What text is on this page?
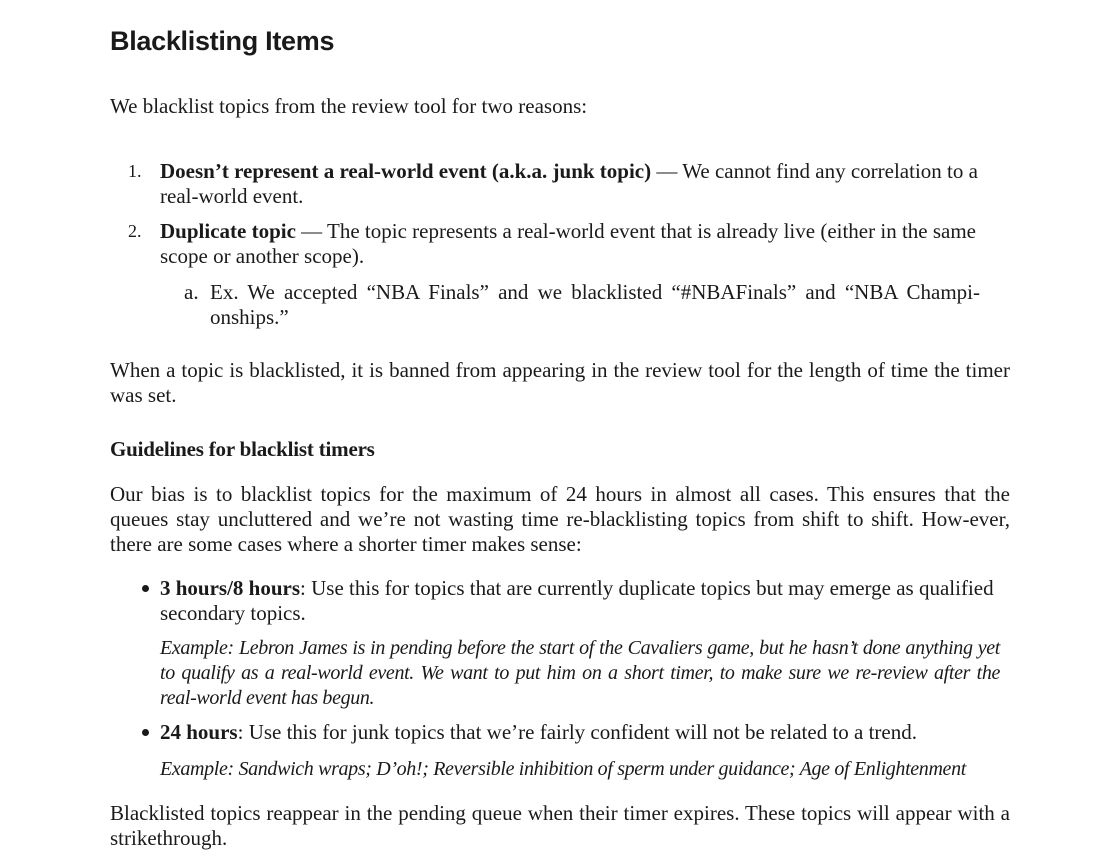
Blacklisting Items

We blacklist topics from the review tool for two reasons:

1. Doesn’t represent a real-world event (a.k.a. junk topic) — We cannot find any correlation to a real-world event.

2. Duplicate topic — The topic represents a real-world event that is already live (either in the same scope or another scope).

a. Ex. We accepted “NBA Finals” and we blacklisted “#NBAFinals” and “NBA Champi-onships.”

When a topic is blacklisted, it is banned from appearing in the review tool for the length of time the timer was set.

Guidelines for blacklist timers

Our bias is to blacklist topics for the maximum of 24 hours in almost all cases. This ensures that the queues stay uncluttered and we’re not wasting time re-blacklisting topics from shift to shift. How-ever, there are some cases where a shorter timer makes sense:

3 hours/8 hours: Use this for topics that are currently duplicate topics but may emerge as qualified secondary topics.

Example: Lebron James is in pending before the start of the Cavaliers game, but he hasn’t done anything yet to qualify as a real-world event. We want to put him on a short timer, to make sure we re-review after the real-world event has begun.

24 hours: Use this for junk topics that we’re fairly confident will not be related to a trend.

Example: Sandwich wraps; D’oh!; Reversible inhibition of sperm under guidance; Age of Enlightenment

Blacklisted topics reappear in the pending queue when their timer expires. These topics will appear with a strikethrough.
